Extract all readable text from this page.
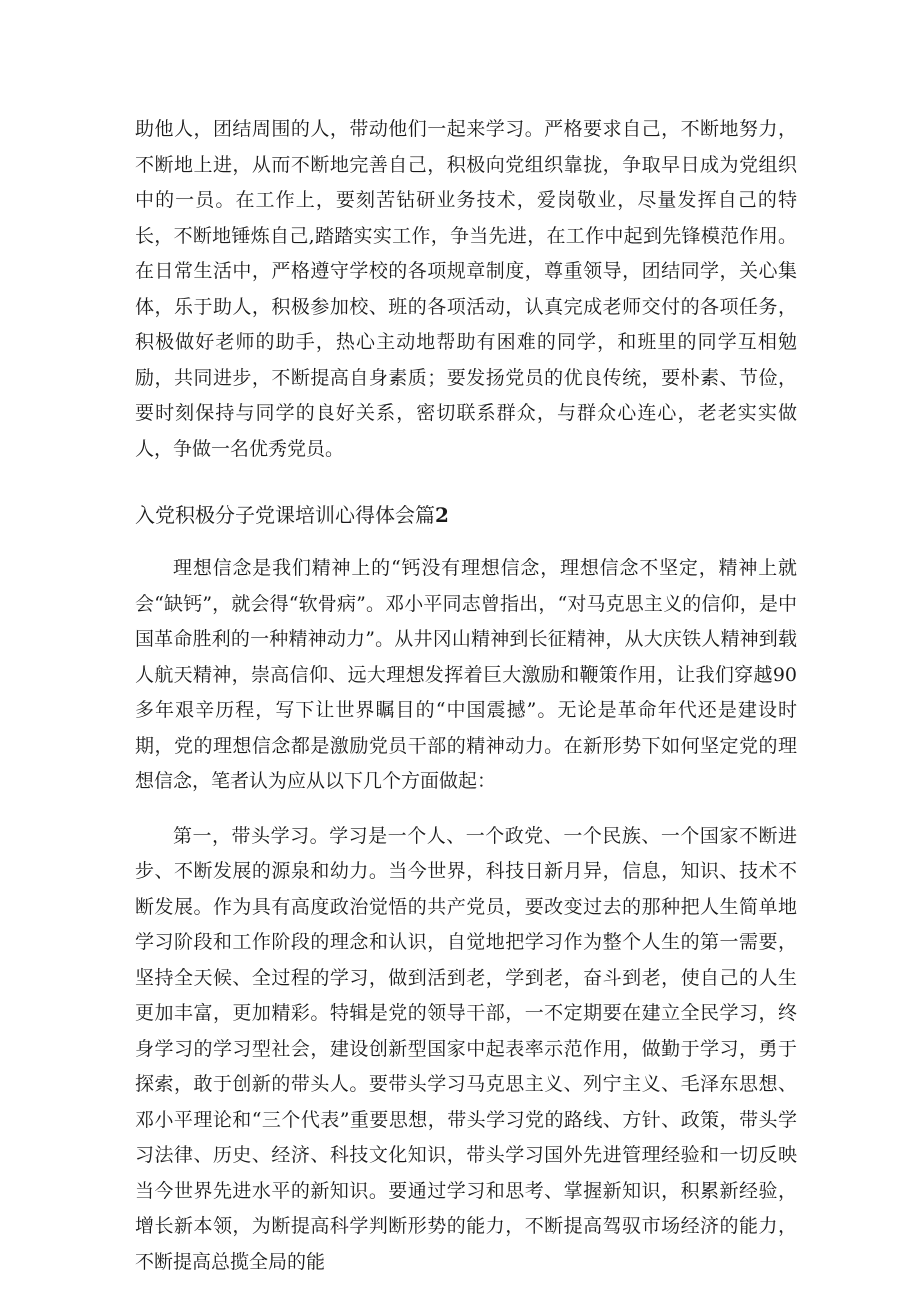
助他人，团结周围的人，带动他们一起来学习。严格要求自己，不断地努力，不断地上进，从而不断地完善自己，积极向党组织靠拢，争取早日成为党组织中的一员。在工作上，要刻苦钻研业务技术，爱岗敬业，尽量发挥自己的特长，不断地锤炼自己,踏踏实实工作，争当先进，在工作中起到先锋模范作用。在日常生活中，严格遵守学校的各项规章制度，尊重领导，团结同学，关心集体，乐于助人，积极参加校、班的各项活动，认真完成老师交付的各项任务，积极做好老师的助手，热心主动地帮助有困难的同学，和班里的同学互相勉励，共同进步，不断提高自身素质；要发扬党员的优良传统，要朴素、节俭，要时刻保持与同学的良好关系，密切联系群众，与群众心连心，老老实实做人，争做一名优秀党员。

入党积极分子党课培训心得体会篇2

理想信念是我们精神上的“钙没有理想信念，理想信念不坚定，精神上就会“缺钙”，就会得“软骨病”。邓小平同志曾指出，“对马克思主义的信仰，是中国革命胜利的一种精神动力”。从井冈山精神到长征精神，从大庆铁人精神到载人航天精神，崇高信仰、远大理想发挥着巨大激励和鞭策作用，让我们穿越90多年艰辛历程，写下让世界瞩目的“中国震撼”。无论是革命年代还是建设时期，党的理想信念都是激励党员干部的精神动力。在新形势下如何坚定党的理想信念，笔者认为应从以下几个方面做起：

第一，带头学习。学习是一个人、一个政党、一个民族、一个国家不断进步、不断发展的源泉和幼力。当今世界，科技日新月异，信息，知识、技术不断发展。作为具有高度政治觉悟的共产党员，要改变过去的那种把人生简单地学习阶段和工作阶段的理念和认识，自觉地把学习作为整个人生的第一需要，坚持全天候、全过程的学习，做到活到老，学到老，奋斗到老，使自己的人生更加丰富，更加精彩。特辑是党的领导干部，一不定期要在建立全民学习，终身学习的学习型社会，建设创新型国家中起表率示范作用，做勤于学习，勇于探索，敢于创新的带头人。要带头学习马克思主义、列宁主义、毛泽东思想、邓小平理论和“三个代表”重要思想，带头学习党的路线、方针、政策，带头学习法律、历史、经济、科技文化知识，带头学习国外先进管理经验和一切反映当今世界先进水平的新知识。要通过学习和思考、掌握新知识，积累新经验，增长新本领，为断提高科学判断形势的能力，不断提高驾驭市场经济的能力，不断提高总揽全局的能
